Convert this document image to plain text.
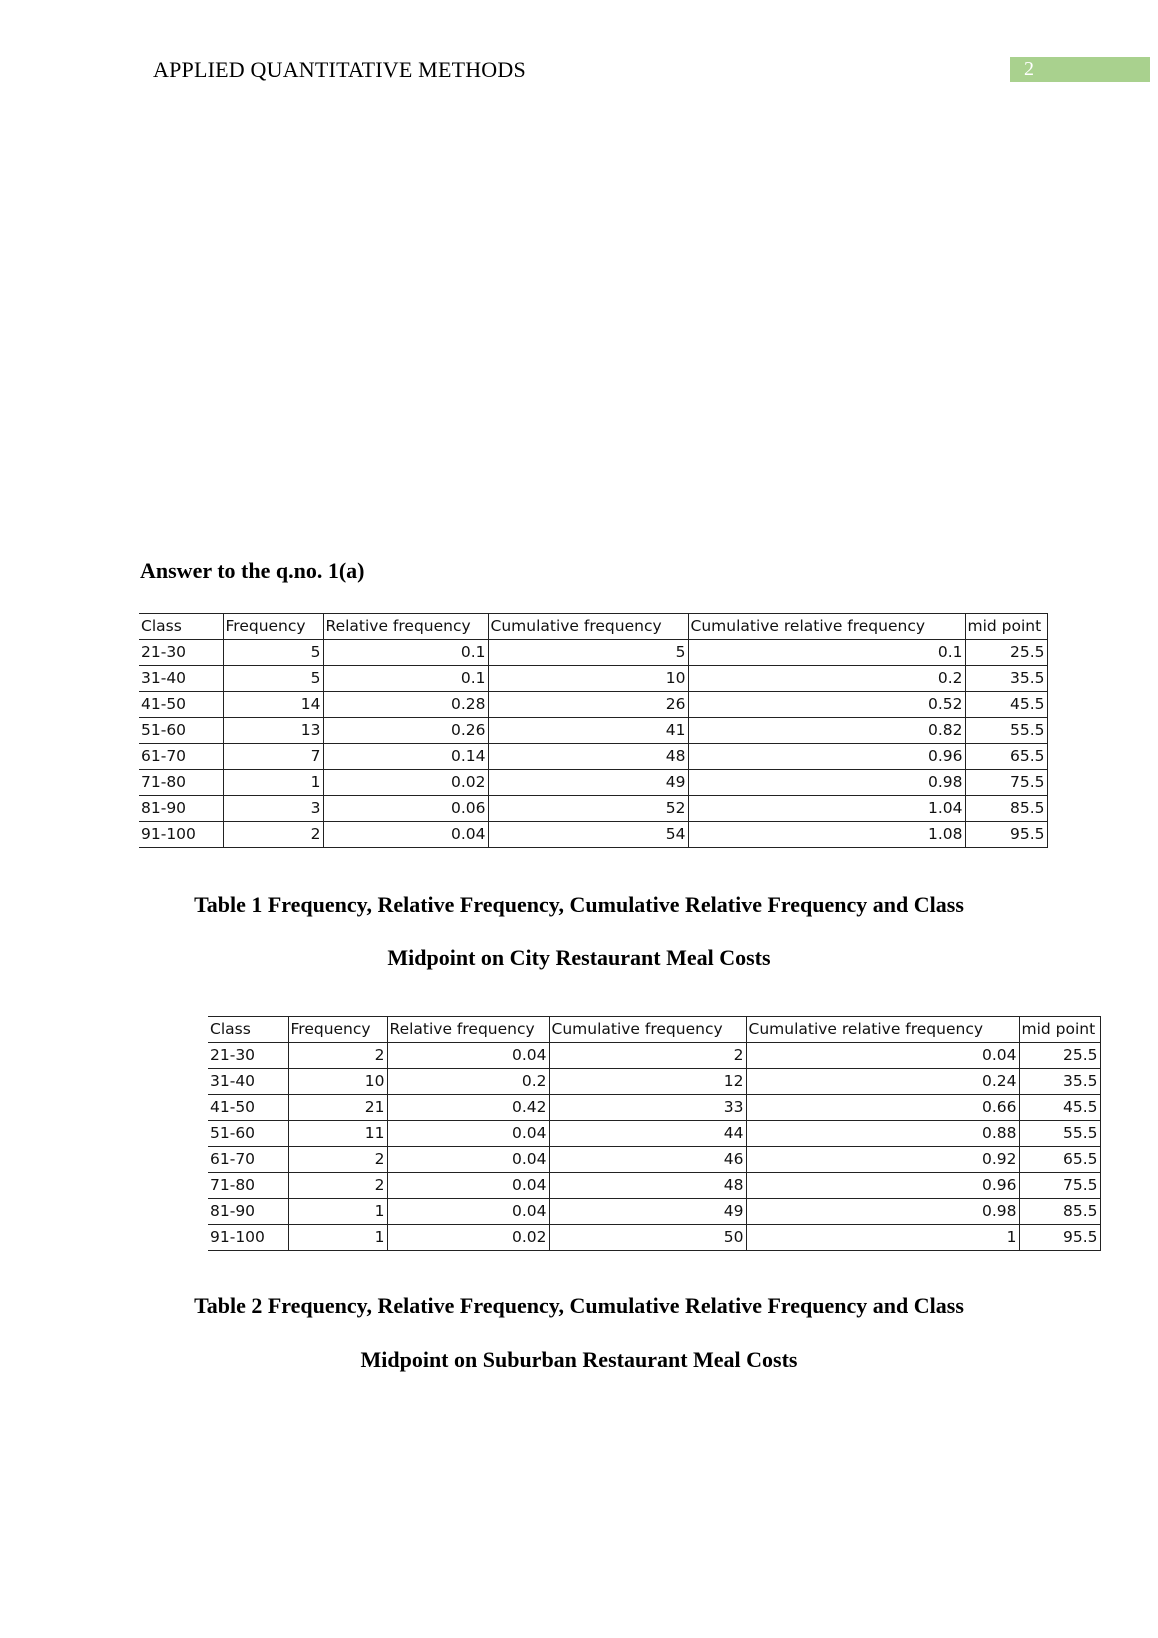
APPLIED QUANTITATIVE METHODS	2
Answer to the q.no. 1(a)
Class	Frequency	Relative frequency	Cumulative frequency	Cumulative relative frequency	mid point
21-30	5	0.1	5	0.1	25.5
31-40	5	0.1	10	0.2	35.5
41-50	14	0.28	26	0.52	45.5
51-60	13	0.26	41	0.82	55.5
61-70	7	0.14	48	0.96	65.5
71-80	1	0.02	49	0.98	75.5
81-90	3	0.06	52	1.04	85.5
91-100	2	0.04	54	1.08	95.5
Table 1 Frequency, Relative Frequency, Cumulative Relative Frequency and Class
Midpoint on City Restaurant Meal Costs
Class	Frequency	Relative frequency	Cumulative frequency	Cumulative relative frequency	mid point
21-30	2	0.04	2	0.04	25.5
31-40	10	0.2	12	0.24	35.5
41-50	21	0.42	33	0.66	45.5
51-60	11	0.04	44	0.88	55.5
61-70	2	0.04	46	0.92	65.5
71-80	2	0.04	48	0.96	75.5
81-90	1	0.04	49	0.98	85.5
91-100	1	0.02	50	1	95.5
Table 2 Frequency, Relative Frequency, Cumulative Relative Frequency and Class
Midpoint on Suburban Restaurant Meal Costs
